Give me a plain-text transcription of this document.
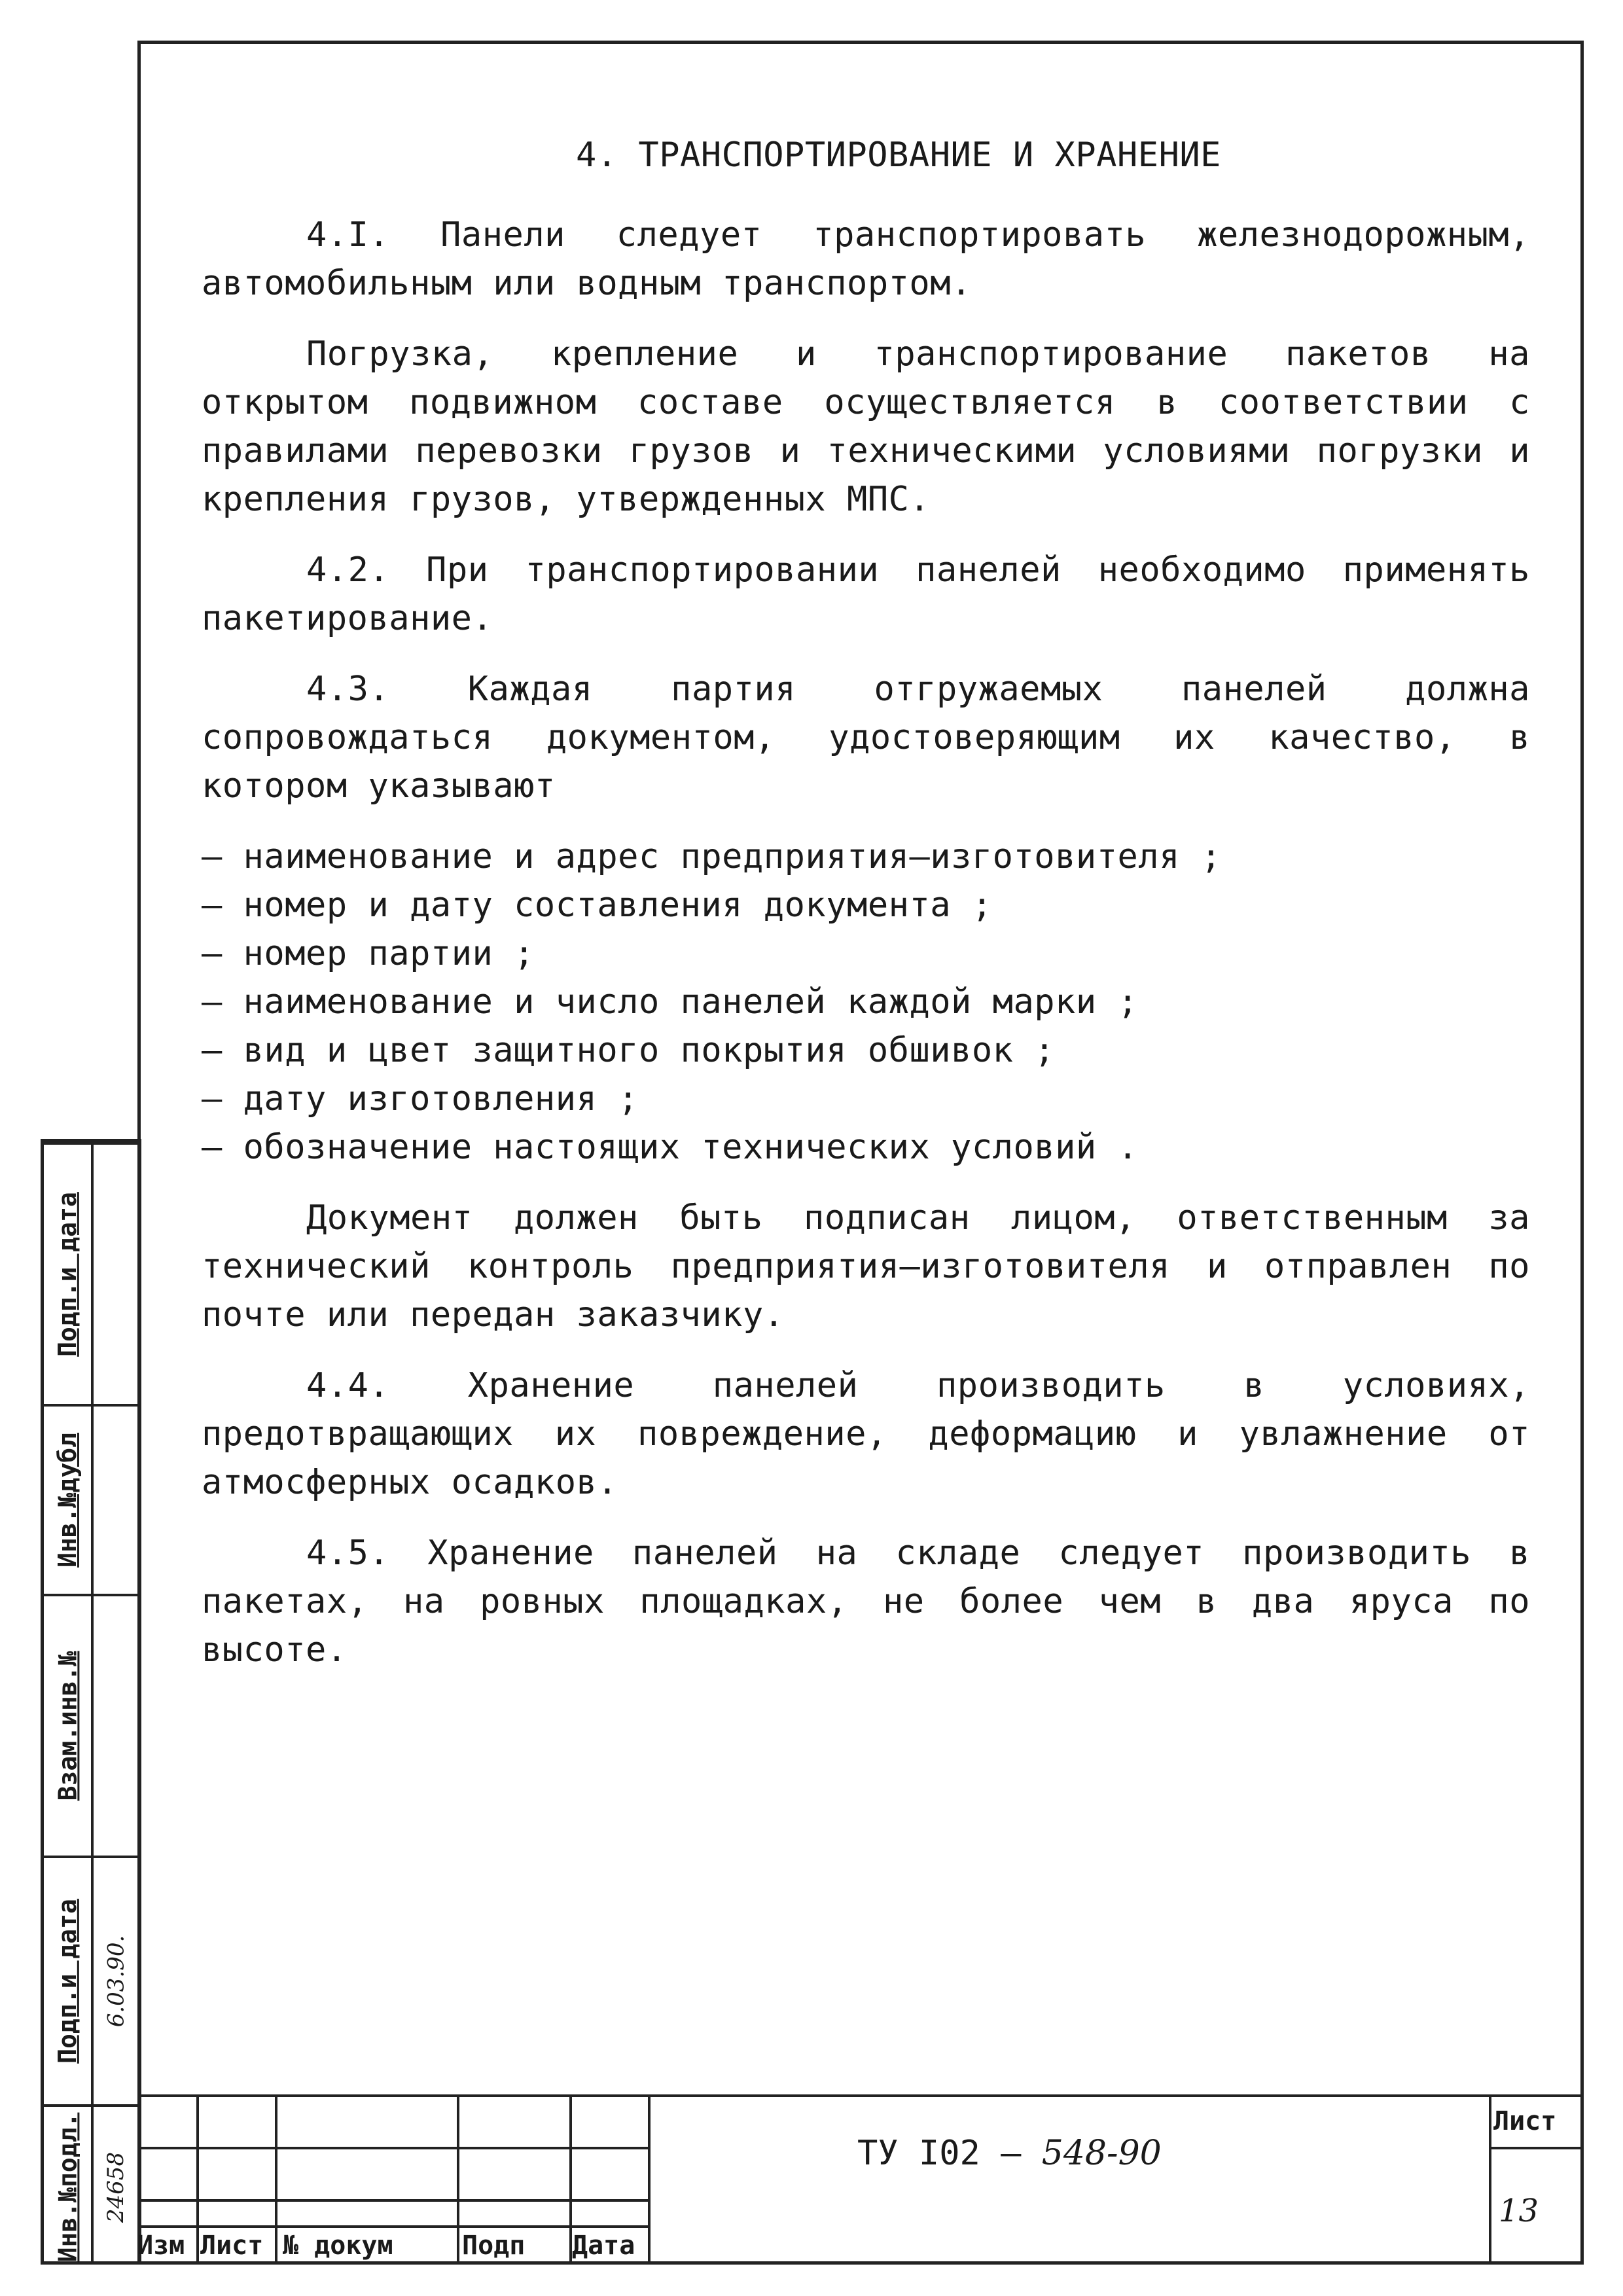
4. ТРАНСПОРТИРОВАНИЕ И ХРАНЕНИЕ

4.I. Панели следует транспортировать железнодорожным, автомобильным или водным транспортом.

Погрузка, крепление и транспортирование пакетов на открытом подвижном составе осуществляется в соответствии с правилами перевозки грузов и техническими условиями погрузки и крепления грузов, утвержденных МПС.

4.2. При транспортировании панелей необходимо применять пакетирование.

4.3. Каждая партия отгружаемых панелей должна сопровождаться документом, удостоверяющим их качество, в котором указывают

– наименование и адрес предприятия–изготовителя ;
– номер и дату составления документа ;
– номер партии ;
– наименование и число панелей каждой марки ;
– вид и цвет защитного покрытия обшивок ;
– дату изготовления ;
– обозначение настоящих технических условий .

Документ должен быть подписан лицом, ответственным за технический контроль предприятия–изготовителя и отправлен по почте или передан заказчику.

4.4. Хранение панелей производить в условиях, предотвращающих их повреждение, деформацию и увлажнение от атмосферных осадков.

4.5. Хранение панелей на складе следует производить в пакетах, на ровных площадках, не более чем в два яруса по высоте.

Подп.и дата
Инв.№дубл
Взам.инв.№
Подп.и дата 6.03.90.
Инв.№подл. 24658
Изм Лист № докум	Подп Дата
ТУ I02 – 548-90
Лист
13
